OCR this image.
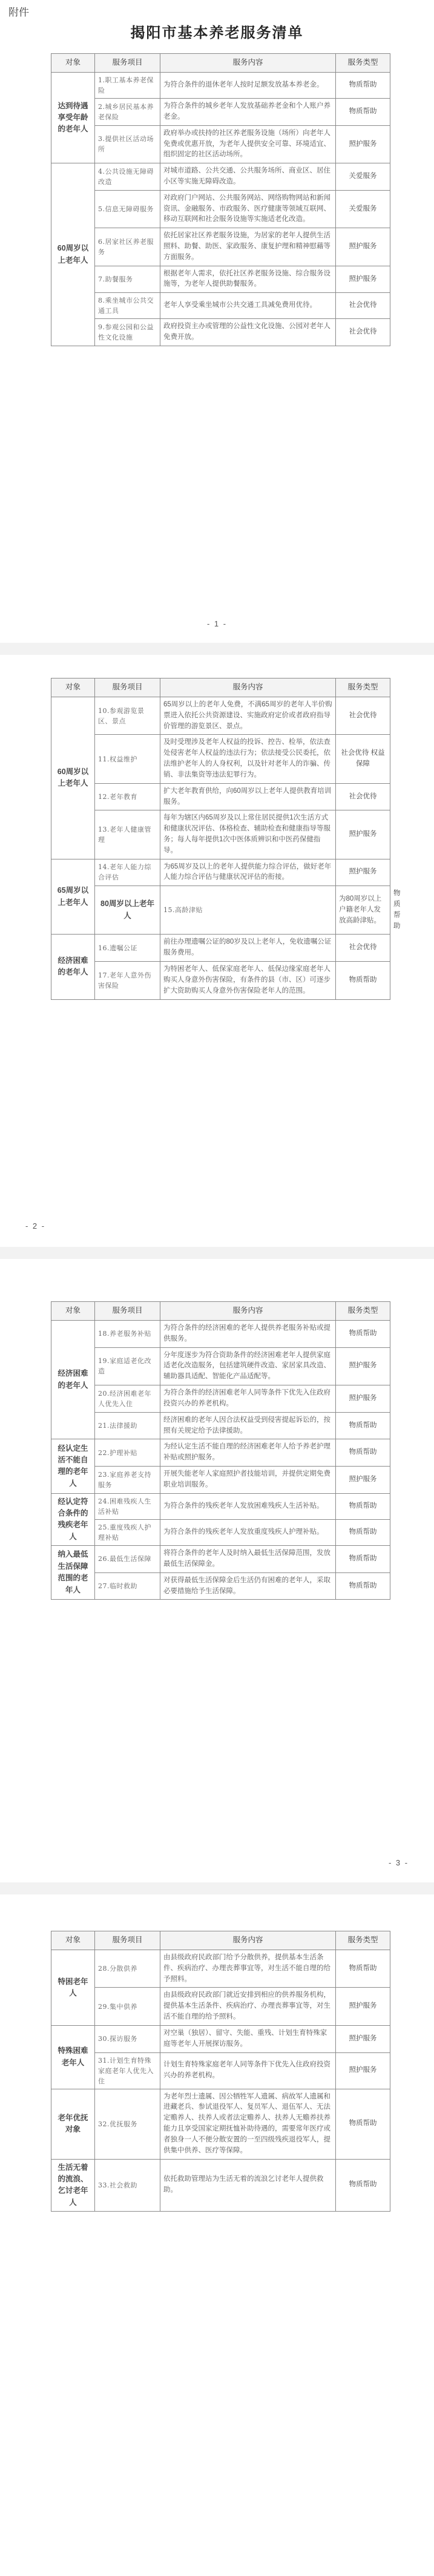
附件
揭阳市基本养老服务清单
对象	服务项目	服务内容	服务类型
达到待遇享受年龄的老年人	1.职工基本养老保险	为符合条件的退休老年人按时足额发放基本养老金。	物质帮助
	2.城乡居民基本养老保险	为符合条件的城乡老年人发放基础养老金和个人账户养老金。	物质帮助
	3.提供社区活动场所	政府举办或扶持的社区养老服务设施（场所）向老年人免费或优惠开放，为老年人提供安全可靠、环境适宜、组织固定的社区活动场所。	照护服务
60周岁以上老年人	4.公共设施无障碍改造	对城市道路、公共交通、公共服务场所、商业区、居住小区等实施无障碍改造。	关爱服务
	5.信息无障碍服务	对政府门户网站、公共服务网站、网络购物网站和新闻资讯、金融服务、市政服务、医疗健康等领域互联网、移动互联网和社会服务设施等实施适老化改造。	关爱服务
	6.居家社区养老服务	依托居家社区养老服务设施，为居家的老年人提供生活照料、助餐、助医、家政服务、康复护理和精神慰藉等方面服务。	照护服务
	7.助餐服务	根据老年人需求，依托社区养老服务设施、综合服务设施等，为老年人提供助餐服务。	照护服务
	8.乘坐城市公共交通工具	老年人享受乘坐城市公共交通工具减免费用优待。	社会优待
	9.参观公园和公益性文化设施	政府投资主办或管理的公益性文化设施、公园对老年人免费开放。	社会优待
- 1 -
对象	服务项目	服务内容	服务类型	
60周岁以上老年人	10.参观游览景区、景点	65周岁以上的老年人免费，不满65周岁的老年人半价购票进入依托公共资源建设、实施政府定价或者政府指导价管理的游览景区、景点。	社会优待	
	11.权益维护	及时受理涉及老年人权益的投诉、控告、检举，依法查处侵害老年人权益的违法行为；依法接受公民委托，依法维护老年人的人身权利，以及针对老年人的诈骗、传销、非法集资等违法犯罪行为。	社会优待 权益保障	
	12.老年教育	扩大老年教育供给，向60周岁以上老年人提供教育培训服务。	社会优待	
	13.老年人健康管理	每年为辖区内65周岁及以上常住居民提供1次生活方式和健康状况评估、体格检查、辅助检查和健康指导等服务；每人每年提供1次中医体质辨识和中医药保健指导。	照护服务	
65周岁以上老年人	14.老年人能力综合评估	为65周岁及以上的老年人提供能力综合评估，做好老年人能力综合评估与健康状况评估的衔接。	照护服务	
	80周岁以上老年人	15.高龄津贴	为80周岁以上户籍老年人发放高龄津贴。	物质帮助
经济困难的老年人	16.遗嘱公证	前往办理遗嘱公证的80岁及以上老年人，免收遗嘱公证服务费用。	社会优待	
	17.老年人意外伤害保险	为特困老年人、低保家庭老年人、低保边缘家庭老年人购买人身意外伤害保险，有条件的县（市、区）可逐步扩大资助购买人身意外伤害保险老年人的范围。	物质帮助	
- 2 -
对象	服务项目	服务内容	服务类型
经济困难的老年人	18.养老服务补贴	为符合条件的经济困难的老年人提供养老服务补贴或提供服务。	物质帮助
	19.家庭适老化改造	分年度逐步为符合资助条件的经济困难老年人提供家庭适老化改造服务，包括建筑硬件改造、家居家具改造、辅助器具适配、智能化产品适配等。	照护服务
	20.经济困难老年人优先入住	为符合条件的经济困难老年人同等条件下优先入住政府投资兴办的养老机构。	照护服务
	21.法律援助	经济困难的老年人因合法权益受到侵害提起诉讼的，按照有关规定给予法律援助。	物质帮助
经认定生活不能自理的老年人	22.护理补贴	为经认定生活不能自理的经济困难老年人给予养老护理补贴或照护服务。	物质帮助
	23.家庭养老支持服务	开展失能老年人家庭照护者技能培训，并提供定期免费职业培训服务。	照护服务
经认定符合条件的残疾老年人	24.困难残疾人生活补贴	为符合条件的残疾老年人发放困难残疾人生活补贴。	物质帮助
	25.重度残疾人护理补贴	为符合条件的残疾老年人发放重度残疾人护理补贴。	物质帮助
纳入最低生活保障范围的老年人	26.最低生活保障	将符合条件的老年人及时纳入最低生活保障范围，发放最低生活保障金。	物质帮助
	27.临时救助	对获得最低生活保障金后生活仍有困难的老年人，采取必要措施给予生活保障。	物质帮助
- 3 -
对象	服务项目	服务内容	服务类型
特困老年人	28.分散供养	由县级政府民政部门给予分散供养，提供基本生活条件、疾病治疗、办理丧葬事宜等，对生活不能自理的给予照料。	物质帮助
	29.集中供养	由县级政府民政部门就近安排到相应的供养服务机构，提供基本生活条件、疾病治疗、办理丧葬事宜等，对生活不能自理的给予照料。	照护服务
特殊困难老年人	30.探访服务	对空巢（独居）、留守、失能、重残、计划生育特殊家庭等老年人开展探访服务。	照护服务
	31.计划生育特殊家庭老年人优先入住	计划生育特殊家庭老年人同等条件下优先入住政府投资兴办的养老机构。	照护服务
老年优抚对象	32.优抚服务	为老年烈士遗属、因公牺牲军人遗属、病故军人遗属和进藏老兵、参试退役军人、复员军人、退伍军人、无法定赡养人、扶养人或者法定赡养人、扶养人无赡养扶养能力且享受国家定期抚恤补助待遇的，需要常年医疗或者独身一人不便分散安置的一至四级残疾退役军人，提供集中供养、医疗等保障。	物质帮助
生活无着的流浪、乞讨老年人	33.社会救助	依托救助管理站为生活无着的流浪乞讨老年人提供救助。	物质帮助
